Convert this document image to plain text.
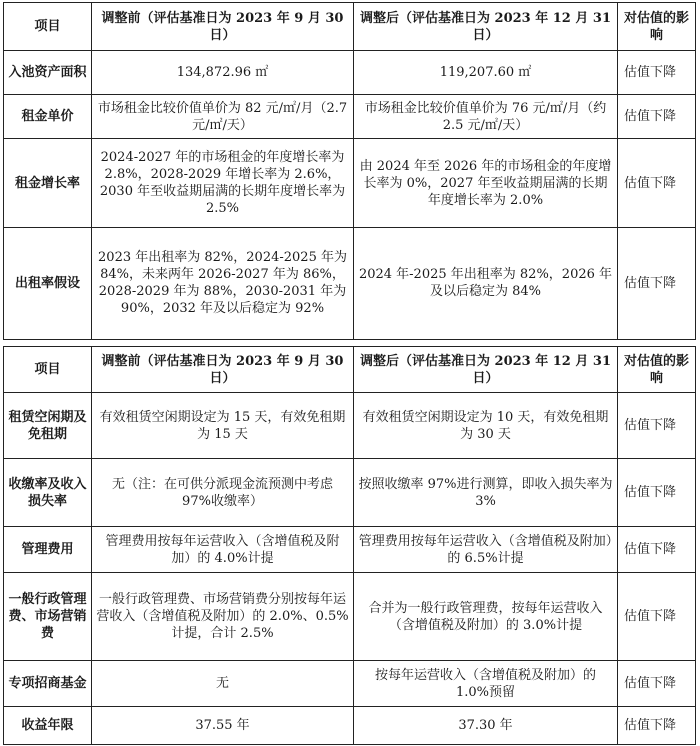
项目	调整前（评估基准日为 2023 年 9 月 30 日）	调整后（评估基准日为 2023 年 12 月 31 日）	对估值的影响
入池资产面积	134,872.96 ㎡	119,207.60 ㎡	估值下降
租金单价	市场租金比较价值单价为 82 元/㎡/月（2.7 元/㎡/天）	市场租金比较价值单价为 76 元/㎡/月（约 2.5 元/㎡/天）	估值下降
租金增长率	2024-2027 年的市场租金的年度增长率为 2.8%，2028-2029 年增长率为 2.6%，2030 年至收益期届满的长期年度增长率为 2.5%	由 2024 年至 2026 年的市场租金的年度增长率为 0%，2027 年至收益期届满的长期年度增长率为 2.0%	估值下降
出租率假设	2023 年出租率为 82%，2024-2025 年为 84%，未来两年 2026-2027 年为 86%，2028-2029 年为 88%，2030-2031 年为 90%，2032 年及以后稳定为 92%	2024 年-2025 年出租率为 82%，2026 年及以后稳定为 84%	估值下降
项目	调整前（评估基准日为 2023 年 9 月 30 日）	调整后（评估基准日为 2023 年 12 月 31 日）	对估值的影响
租赁空闲期及免租期	有效租赁空闲期设定为 15 天，有效免租期为 15 天	有效租赁空闲期设定为 10 天，有效免租期为 30 天	估值下降
收缴率及收入损失率	无（注：在可供分派现金流预测中考虑 97%收缴率）	按照收缴率 97%进行测算，即收入损失率为 3%	估值下降
管理费用	管理费用按每年运营收入（含增值税及附加）的 4.0%计提	管理费用按每年运营收入（含增值税及附加）的 6.5%计提	估值下降
一般行政管理费、市场营销费	一般行政管理费、市场营销费分别按每年运营收入（含增值税及附加）的 2.0%、0.5%计提，合计 2.5%	合并为一般行政管理费，按每年运营收入（含增值税及附加）的 3.0%计提	估值下降
专项招商基金	无	按每年运营收入（含增值税及附加）的 1.0%预留	估值下降
收益年限	37.55 年	37.30 年	估值下降
